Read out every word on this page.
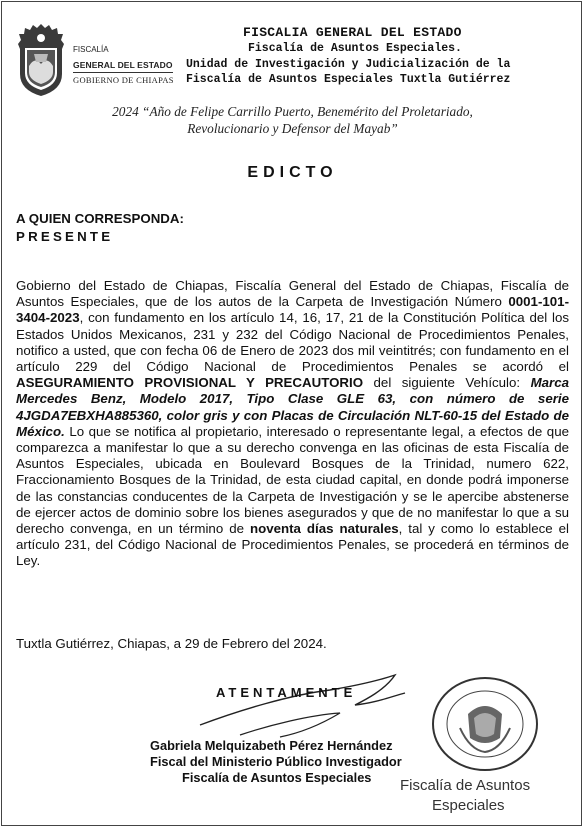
FISCALÍA
GENERAL DEL ESTADO
GOBIERNO DE CHIAPAS
FISCALIA GENERAL DEL ESTADO
Fiscalía de Asuntos Especiales.
Unidad de Investigación y Judicialización de la
Fiscalía de Asuntos Especiales Tuxtla Gutiérrez
2024 “Año de Felipe Carrillo Puerto, Benemérito del Proletariado,
Revolucionario y Defensor del Mayab”
EDICTO
A QUIEN CORRESPONDA:
PRESENTE
Gobierno del Estado de Chiapas, Fiscalía General del Estado de Chiapas, Fiscalía de Asuntos Especiales, que de los autos de la Carpeta de Investigación Número 0001-101-3404-2023, con fundamento en los artículo 14, 16, 17, 21 de la Constitución Política del los Estados Unidos Mexicanos, 231 y 232 del Código Nacional de Procedimientos Penales, notifico a usted, que con fecha 06 de Enero de 2023 dos mil veintitrés; con fundamento en el artículo 229 del Código Nacional de Procedimientos Penales se acordó el ASEGURAMIENTO PROVISIONAL Y PRECAUTORIO del siguiente Vehículo: Marca Mercedes Benz, Modelo 2017, Tipo Clase GLE 63, con número de serie 4JGDA7EBXHA885360, color gris y con Placas de Circulación NLT-60-15 del Estado de México. Lo que se notifica al propietario, interesado o representante legal, a efectos de que comparezca a manifestar lo que a su derecho convenga en las oficinas de esta Fiscalía de Asuntos Especiales, ubicada en Boulevard Bosques de la Trinidad, numero 622, Fraccionamiento Bosques de la Trinidad, de esta ciudad capital, en donde podrá imponerse de las constancias conducentes de la Carpeta de Investigación y se le apercibe abstenerse de ejercer actos de dominio sobre los bienes asegurados y que de no manifestar lo que a su derecho convenga, en un término de noventa días naturales, tal y como lo establece el artículo 231, del Código Nacional de Procedimientos Penales, se procederá en términos de Ley.
Tuxtla Gutiérrez, Chiapas, a 29 de Febrero del 2024.
ATENTAMENTE
Gabriela Melquizabeth Pérez Hernández
Fiscal del Ministerio Público Investigador
Fiscalía de Asuntos Especiales	Fiscalía de Asuntos
Especiales
